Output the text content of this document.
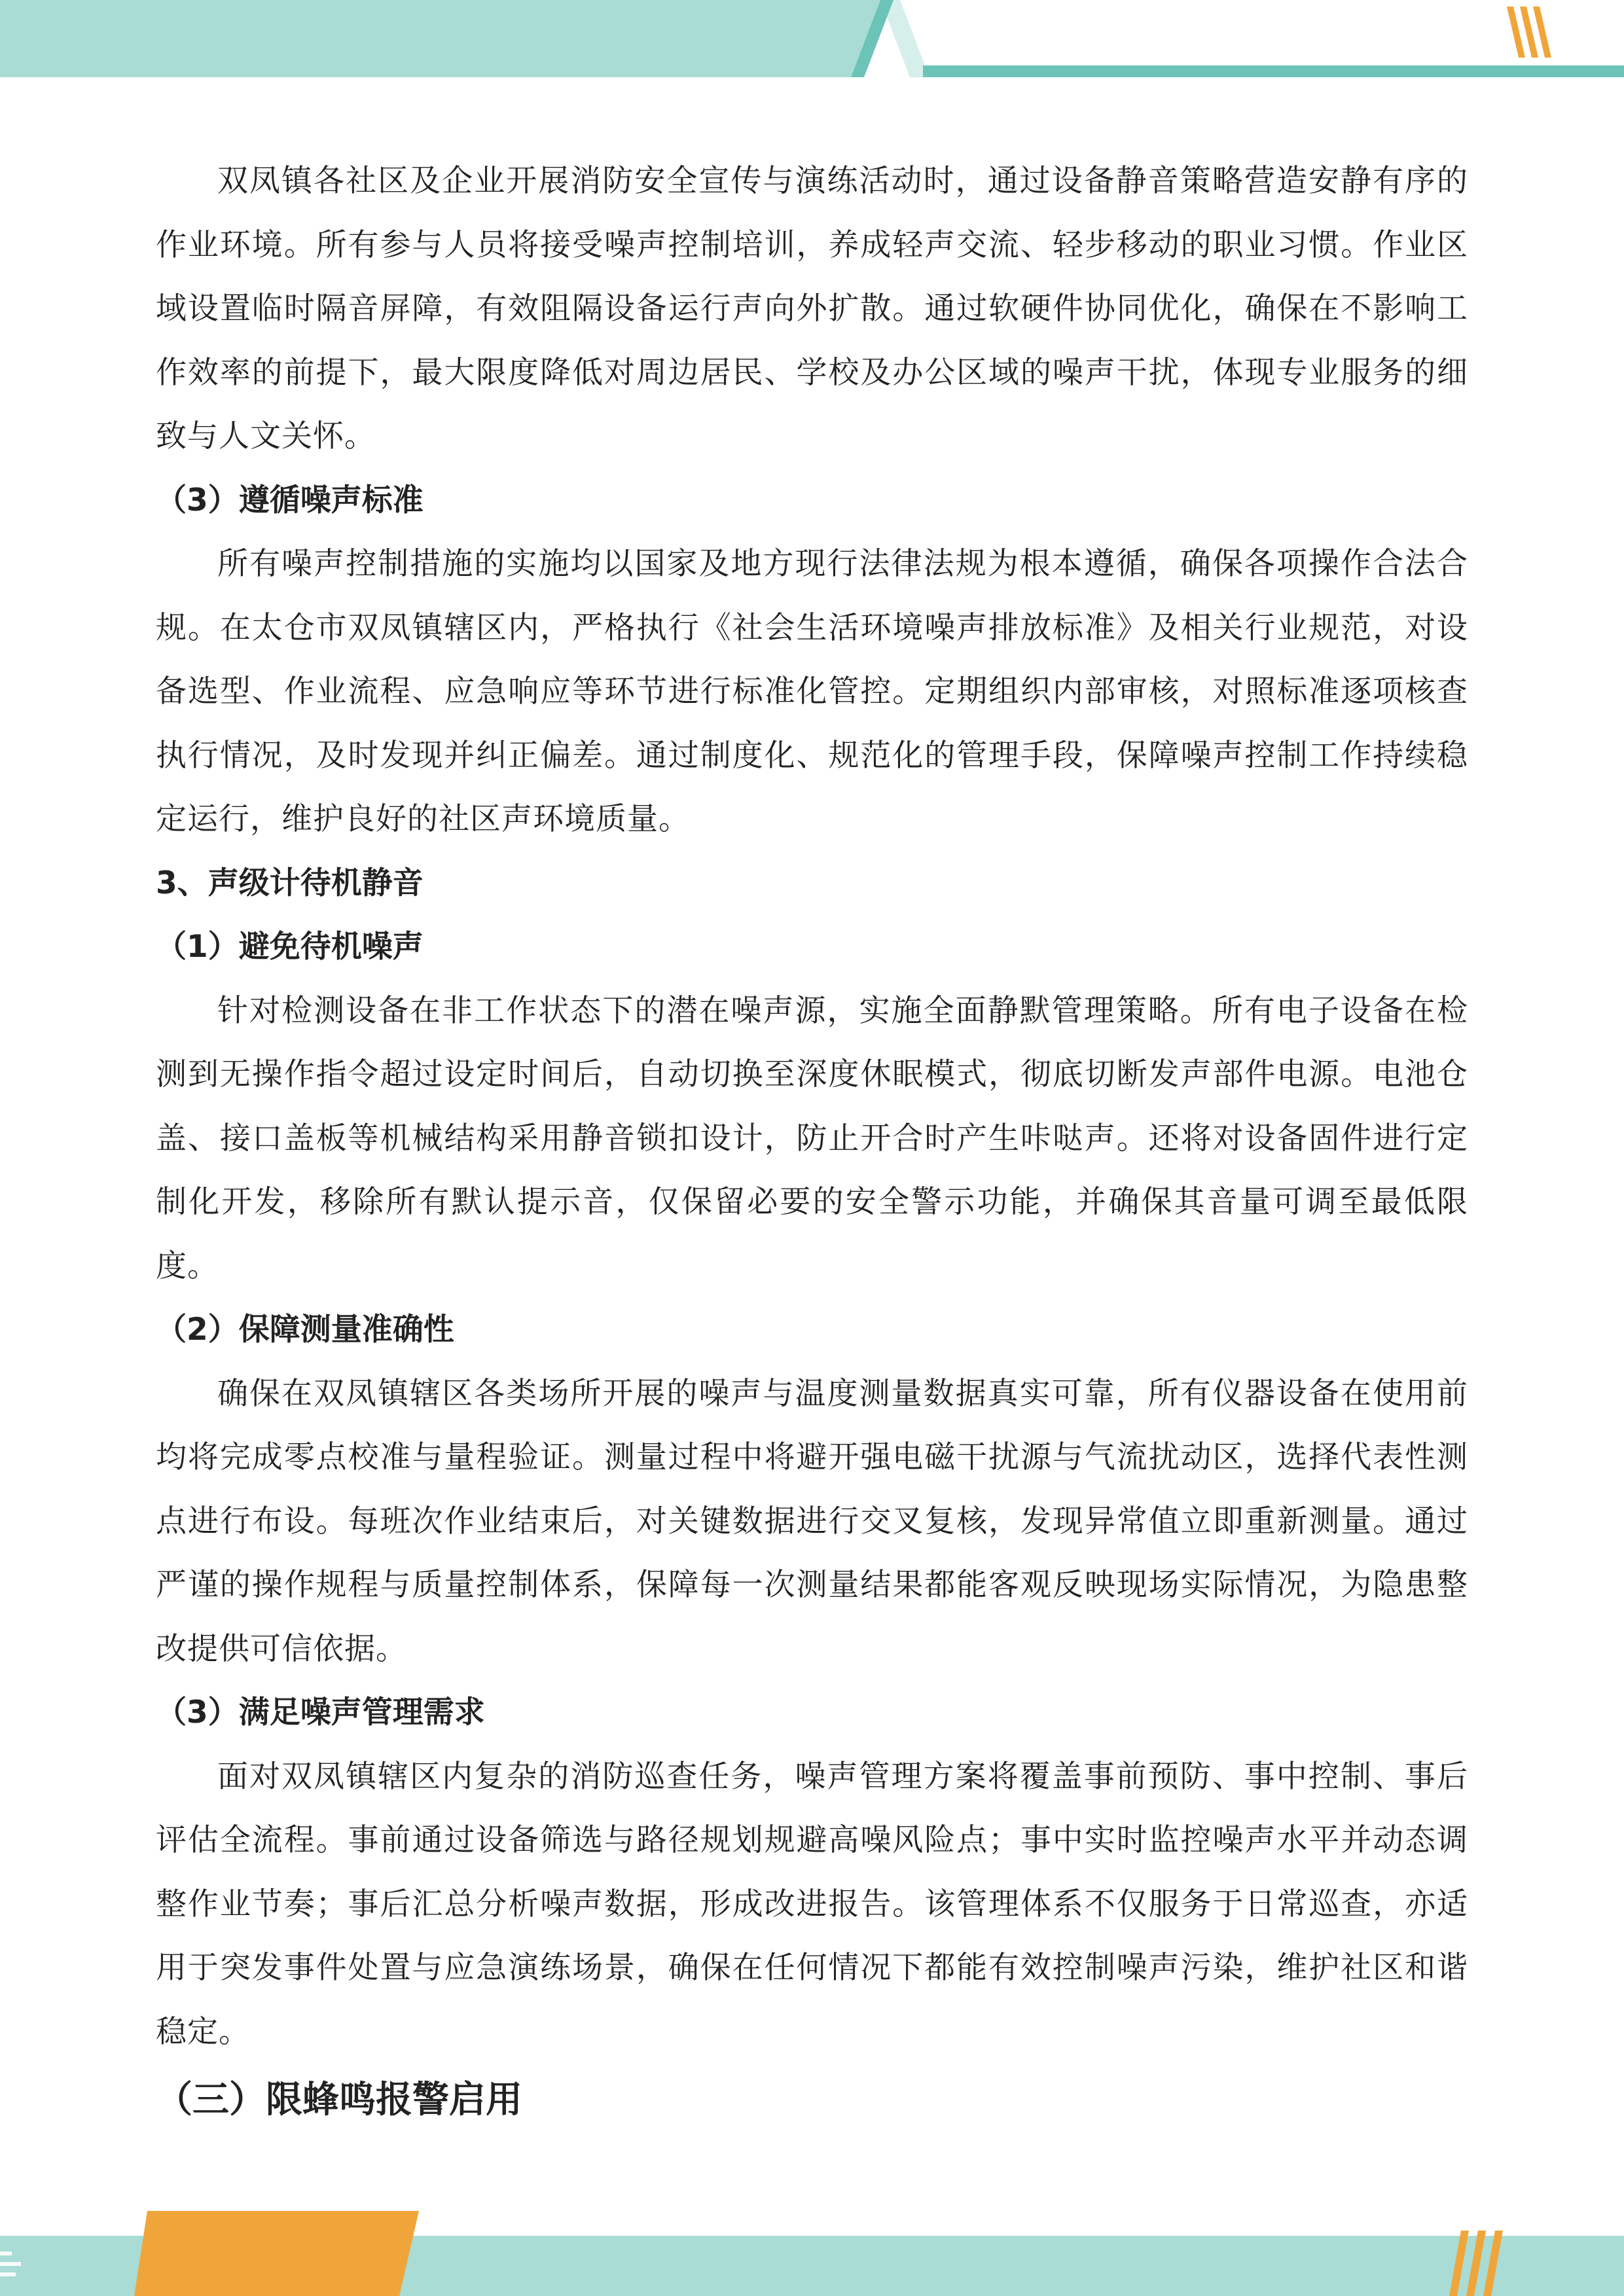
双凤镇各社区及企业开展消防安全宣传与演练活动时，通过设备静音策略营造安静有序的作业环境。所有参与人员将接受噪声控制培训，养成轻声交流、轻步移动的职业习惯。作业区域设置临时隔音屏障，有效阻隔设备运行声向外扩散。通过软硬件协同优化，确保在不影响工作效率的前提下，最大限度降低对周边居民、学校及办公区域的噪声干扰，体现专业服务的细致与人文关怀。

（3）遵循噪声标准

所有噪声控制措施的实施均以国家及地方现行法律法规为根本遵循，确保各项操作合法合规。在太仓市双凤镇辖区内，严格执行《社会生活环境噪声排放标准》及相关行业规范，对设备选型、作业流程、应急响应等环节进行标准化管控。定期组织内部审核，对照标准逐项核查执行情况，及时发现并纠正偏差。通过制度化、规范化的管理手段，保障噪声控制工作持续稳定运行，维护良好的社区声环境质量。

3、声级计待机静音
（1）避免待机噪声

针对检测设备在非工作状态下的潜在噪声源，实施全面静默管理策略。所有电子设备在检测到无操作指令超过设定时间后，自动切换至深度休眠模式，彻底切断发声部件电源。电池仓盖、接口盖板等机械结构采用静音锁扣设计，防止开合时产生咔哒声。还将对设备固件进行定制化开发，移除所有默认提示音，仅保留必要的安全警示功能，并确保其音量可调至最低限度。

（2）保障测量准确性

确保在双凤镇辖区各类场所开展的噪声与温度测量数据真实可靠，所有仪器设备在使用前均将完成零点校准与量程验证。测量过程中将避开强电磁干扰源与气流扰动区，选择代表性测点进行布设。每班次作业结束后，对关键数据进行交叉复核，发现异常值立即重新测量。通过严谨的操作规程与质量控制体系，保障每一次测量结果都能客观反映现场实际情况，为隐患整改提供可信依据。

（3）满足噪声管理需求

面对双凤镇辖区内复杂的消防巡查任务，噪声管理方案将覆盖事前预防、事中控制、事后评估全流程。事前通过设备筛选与路径规划规避高噪风险点；事中实时监控噪声水平并动态调整作业节奏；事后汇总分析噪声数据，形成改进报告。该管理体系不仅服务于日常巡查，亦适用于突发事件处置与应急演练场景，确保在任何情况下都能有效控制噪声污染，维护社区和谐稳定。

（三）限蜂鸣报警启用
